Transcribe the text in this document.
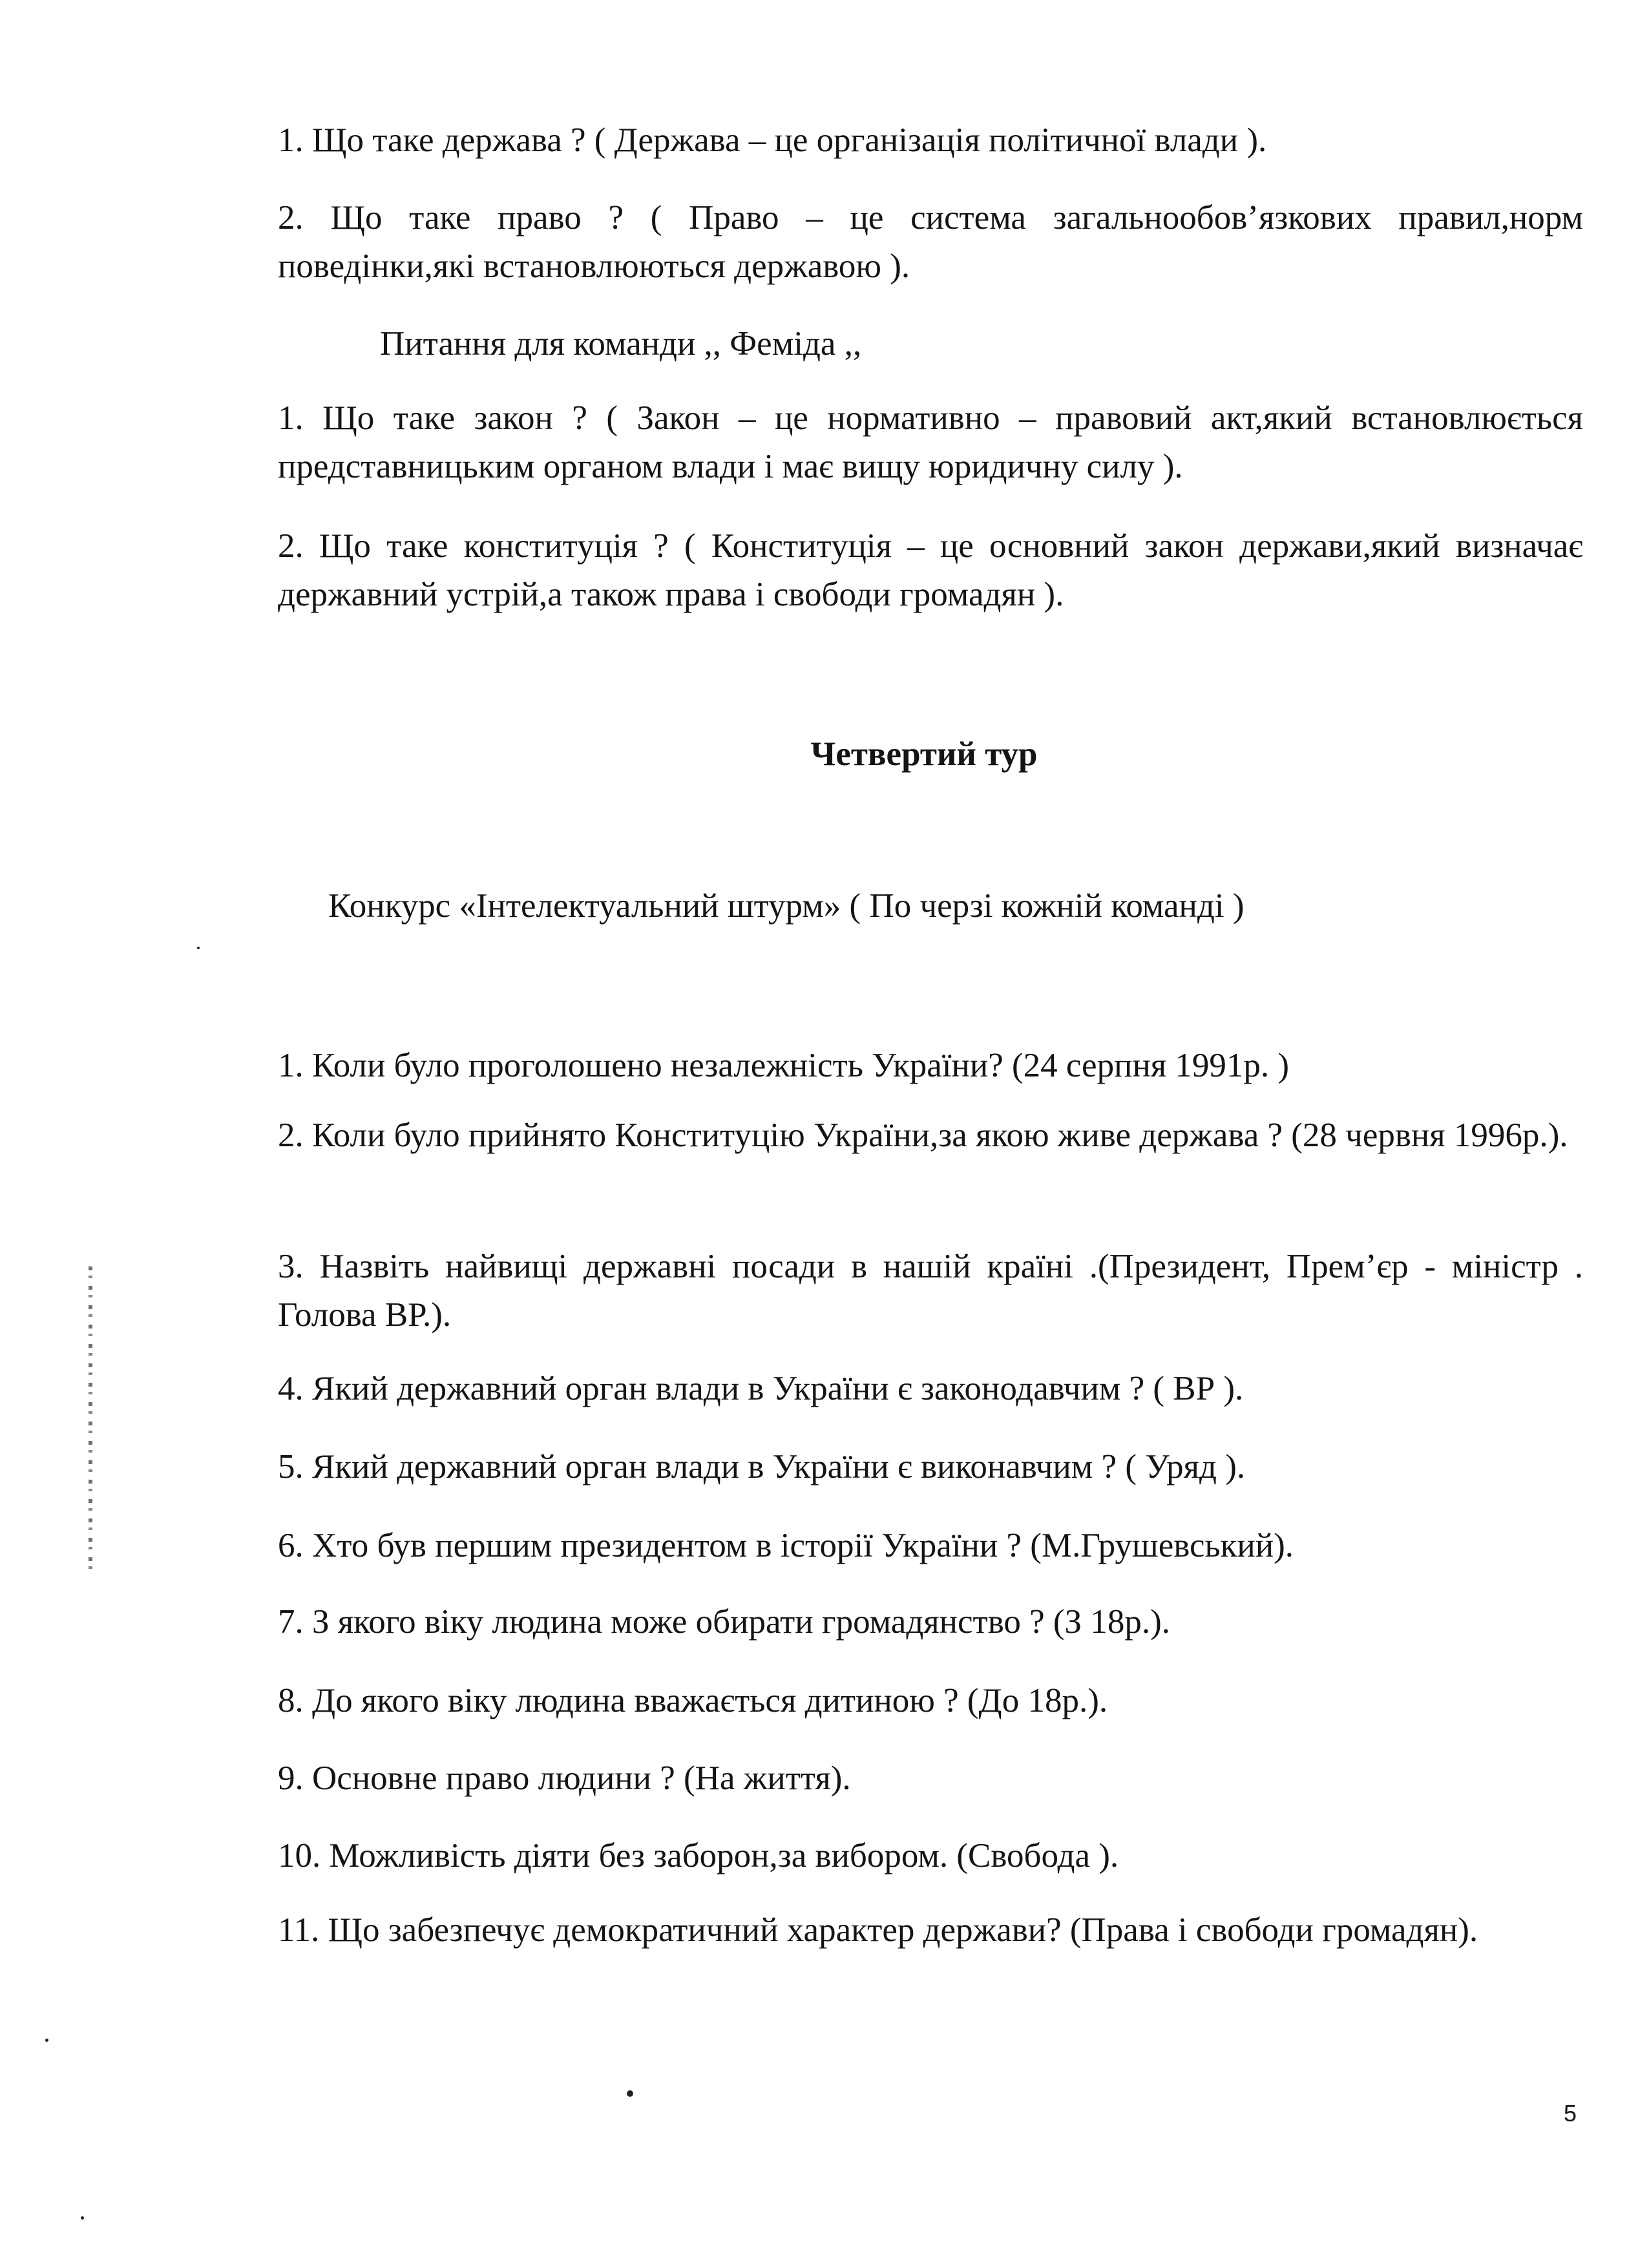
1. Що таке держава ? ( Держава – це організація політичної влади ).

2. Що таке право ? ( Право – це система загальнообов’язкових правил,норм поведінки,які встановлюються державою ).

Питання для команди ,, Феміда ,,

1. Що таке закон ? ( Закон – це нормативно – правовий акт,який встановлюється представницьким органом влади і має вищу юридичну силу ).

2. Що таке конституція ? ( Конституція – це основний закон держави,який визначає державний устрій,а також права і свободи громадян ).

Четвертий тур

Конкурс «Інтелектуальний штурм» ( По черзі кожній команді )

1. Коли було проголошено незалежність України? (24 серпня 1991р. )

2. Коли було прийнято Конституцію України,за якою живе держава ? (28 червня 1996р.).

3. Назвіть найвищі державні посади в нашій країні .(Президент, Прем’єр - міністр . Голова ВР.).

4. Який державний орган влади в України є законодавчим ? ( ВР ).

5. Який державний орган влади в України є виконавчим ? ( Уряд ).

6. Хто був першим президентом в історії України ? (М.Грушевський).

7. З якого віку людина може обирати громадянство ? (З 18р.).

8. До якого віку людина вважається дитиною ? (До 18р.).

9. Основне право людини ? (На життя).

10. Можливість діяти без заборон,за вибором. (Свобода ).

11. Що забезпечує демократичний характер держави? (Права і свободи громадян).

5
